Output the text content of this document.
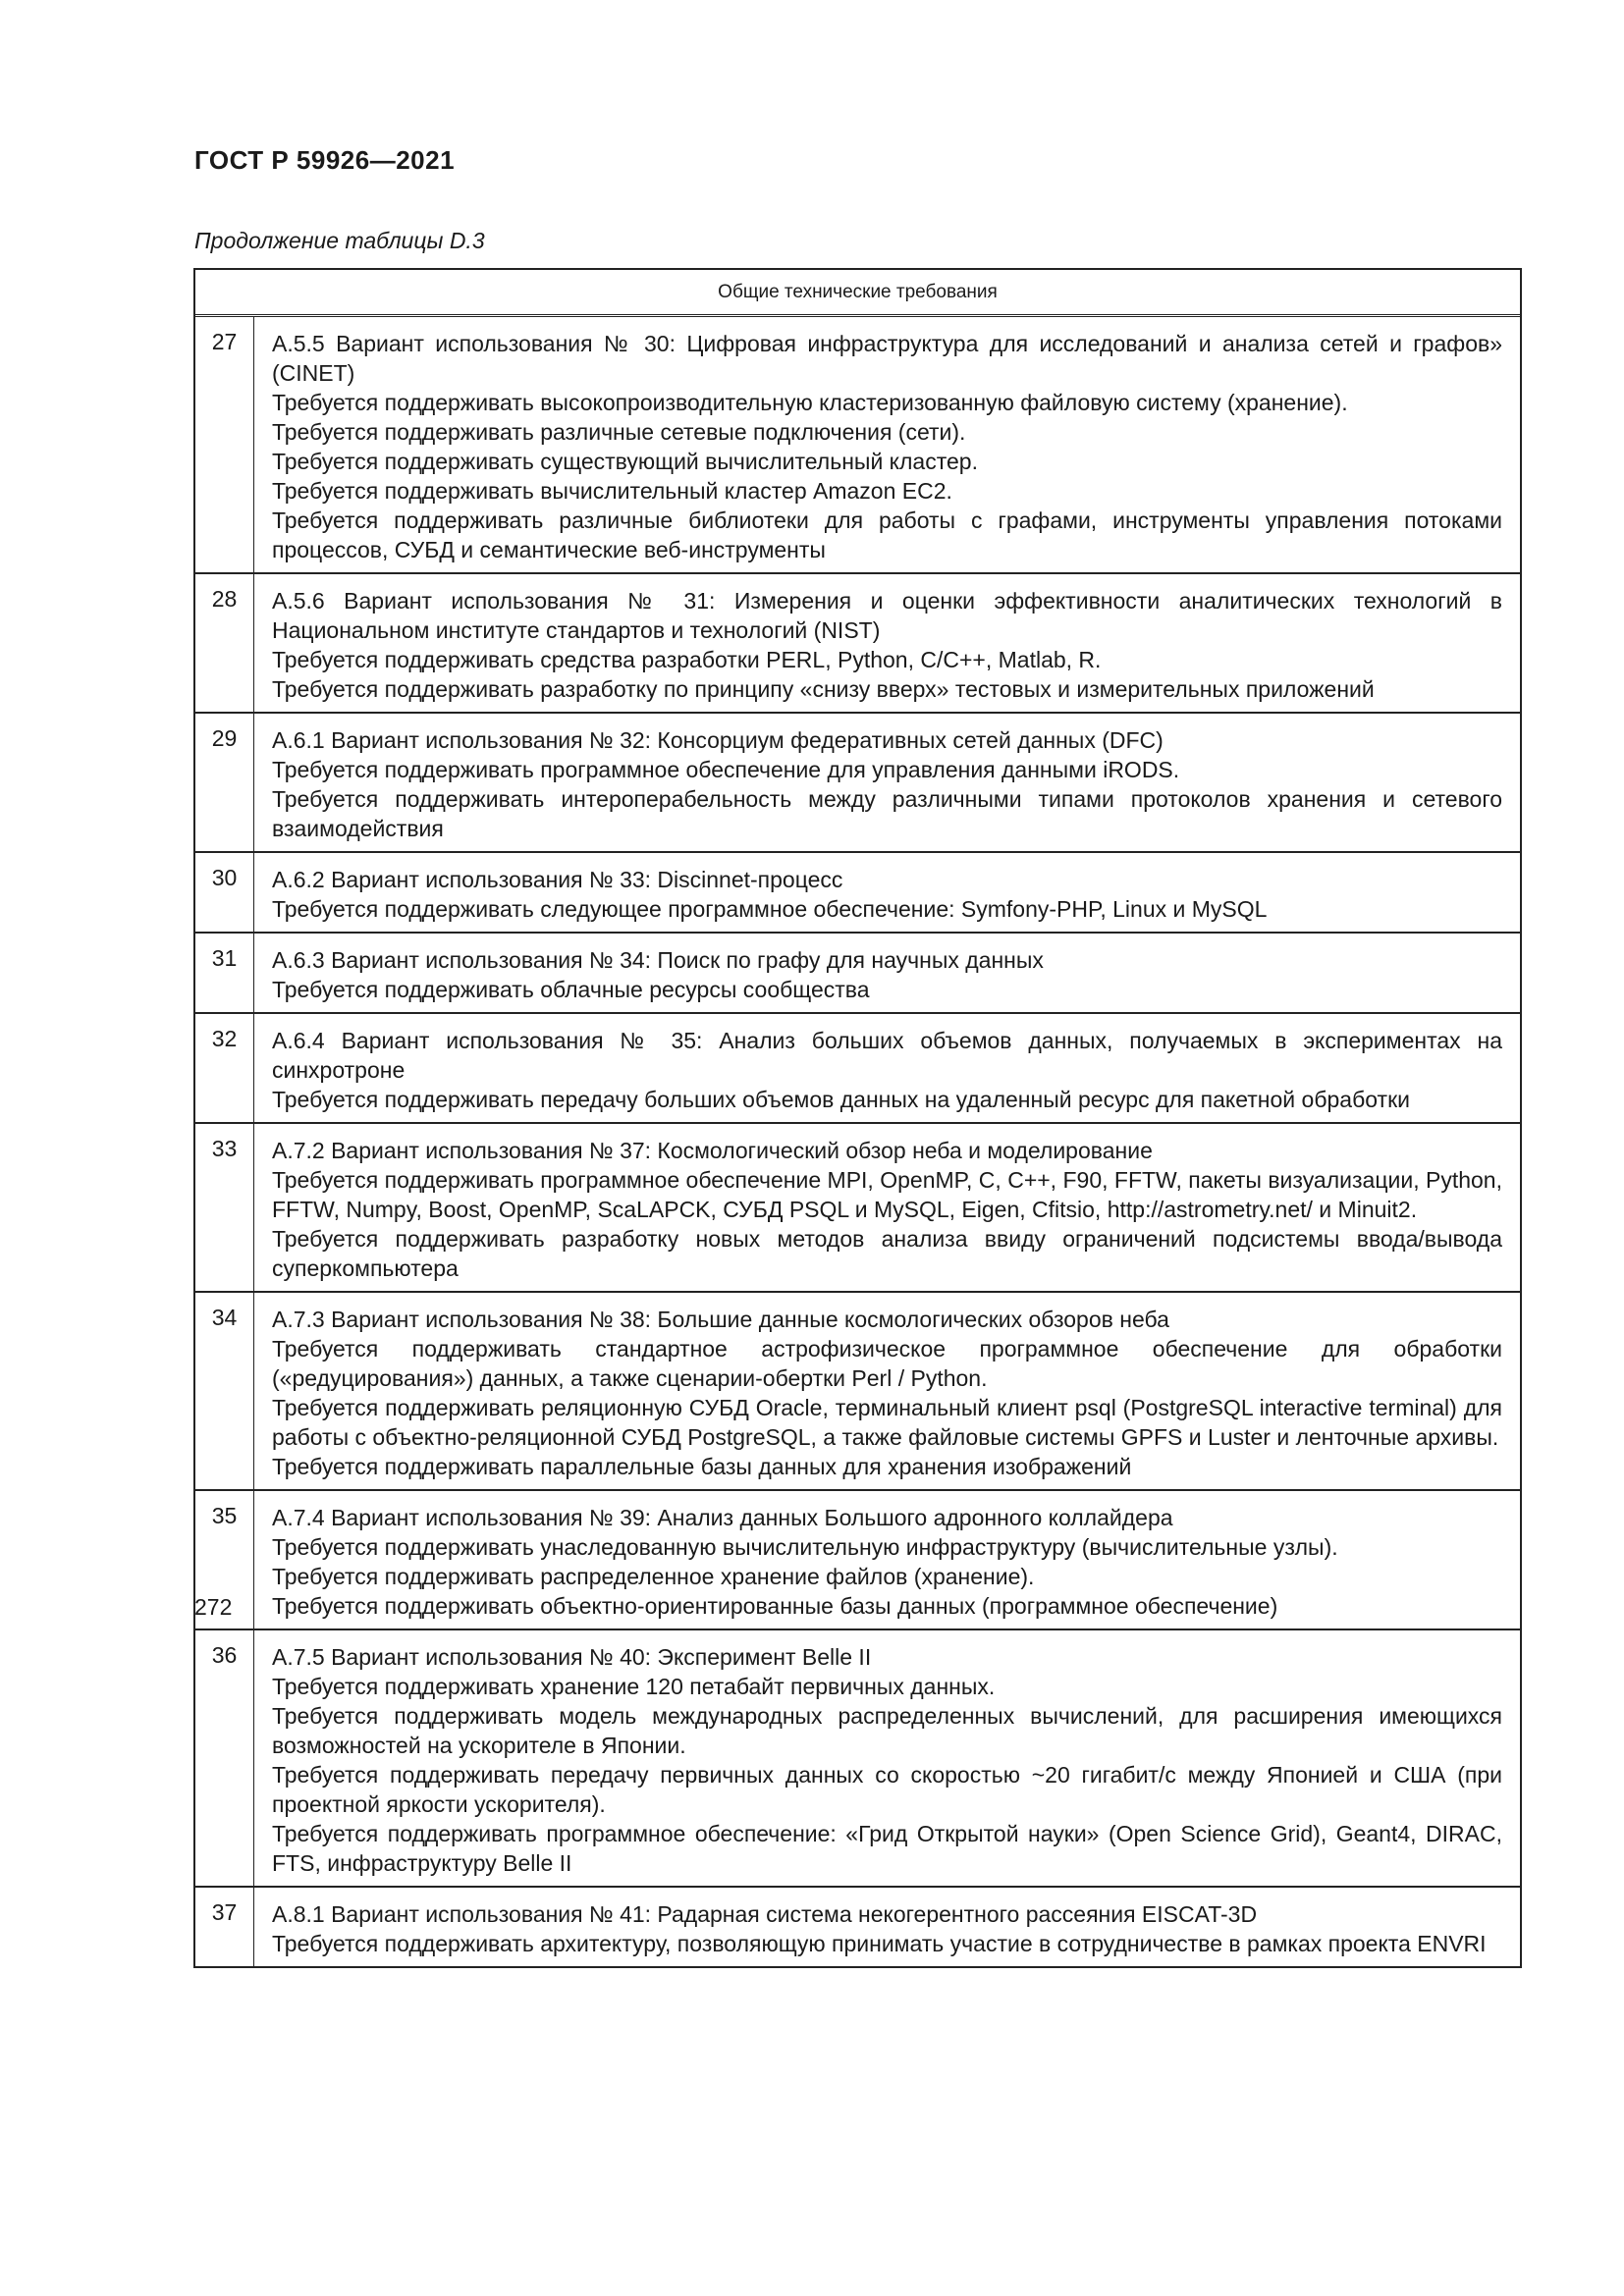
ГОСТ Р 59926—2021
Продолжение таблицы D.3
Общие технические требования
27	А.5.5 Вариант использования № 30: Цифровая инфраструктура для исследований и анализа сетей и графов» (CINET)
Требуется поддерживать высокопроизводительную кластеризованную файловую систему (хранение).
Требуется поддерживать различные сетевые подключения (сети).
Требуется поддерживать существующий вычислительный кластер.
Требуется поддерживать вычислительный кластер Amazon EC2.
Требуется поддерживать различные библиотеки для работы с графами, инструменты управления потоками процессов, СУБД и семантические веб-инструменты
28	А.5.6 Вариант использования № 31: Измерения и оценки эффективности аналитических технологий в Национальном институте стандартов и технологий (NIST)
Требуется поддерживать средства разработки PERL, Python, C/C++, Matlab, R.
Требуется поддерживать разработку по принципу «снизу вверх» тестовых и измерительных приложений
29	А.6.1 Вариант использования № 32: Консорциум федеративных сетей данных (DFC)
Требуется поддерживать программное обеспечение для управления данными iRODS.
Требуется поддерживать интероперабельность между различными типами протоколов хранения и сетевого взаимодействия
30	А.6.2 Вариант использования № 33: Discinnet-процесс
Требуется поддерживать следующее программное обеспечение: Symfony-PHP, Linux и MySQL
31	А.6.3 Вариант использования № 34: Поиск по графу для научных данных
Требуется поддерживать облачные ресурсы сообщества
32	А.6.4 Вариант использования № 35: Анализ больших объемов данных, получаемых в экспериментах на синхротроне
Требуется поддерживать передачу больших объемов данных на удаленный ресурс для пакетной обработки
33	А.7.2 Вариант использования № 37: Космологический обзор неба и моделирование
Требуется поддерживать программное обеспечение MPI, OpenMP, C, C++, F90, FFTW, пакеты визуализации, Python, FFTW, Numpy, Boost, OpenMP, ScaLAPCK, СУБД PSQL и MySQL, Eigen, Cfitsio, http://astrometry.net/ и Minuit2.
Требуется поддерживать разработку новых методов анализа ввиду ограничений подсистемы ввода/вывода суперкомпьютера
34	А.7.3 Вариант использования № 38: Большие данные космологических обзоров неба
Требуется поддерживать стандартное астрофизическое программное обеспечение для обработки («редуцирования») данных, а также сценарии-обертки Perl / Python.
Требуется поддерживать реляционную СУБД Oracle, терминальный клиент psql (PostgreSQL interactive terminal) для работы с объектно-реляционной СУБД PostgreSQL, а также файловые системы GPFS и Luster и ленточные архивы.
Требуется поддерживать параллельные базы данных для хранения изображений
35	А.7.4 Вариант использования № 39: Анализ данных Большого адронного коллайдера
Требуется поддерживать унаследованную вычислительную инфраструктуру (вычислительные узлы).
Требуется поддерживать распределенное хранение файлов (хранение).
Требуется поддерживать объектно-ориентированные базы данных (программное обеспечение)
36	А.7.5 Вариант использования № 40: Эксперимент Belle II
Требуется поддерживать хранение 120 петабайт первичных данных.
Требуется поддерживать модель международных распределенных вычислений, для расширения имеющихся возможностей на ускорителе в Японии.
Требуется поддерживать передачу первичных данных со скоростью ~20 гигабит/с между Японией и США (при проектной яркости ускорителя).
Требуется поддерживать программное обеспечение: «Грид Открытой науки» (Open Science Grid), Geant4, DIRAC, FTS, инфраструктуру Belle II
37	А.8.1 Вариант использования № 41: Радарная система некогерентного рассеяния EISCAT-3D
Требуется поддерживать архитектуру, позволяющую принимать участие в сотрудничестве в рамках проекта ENVRI
272
